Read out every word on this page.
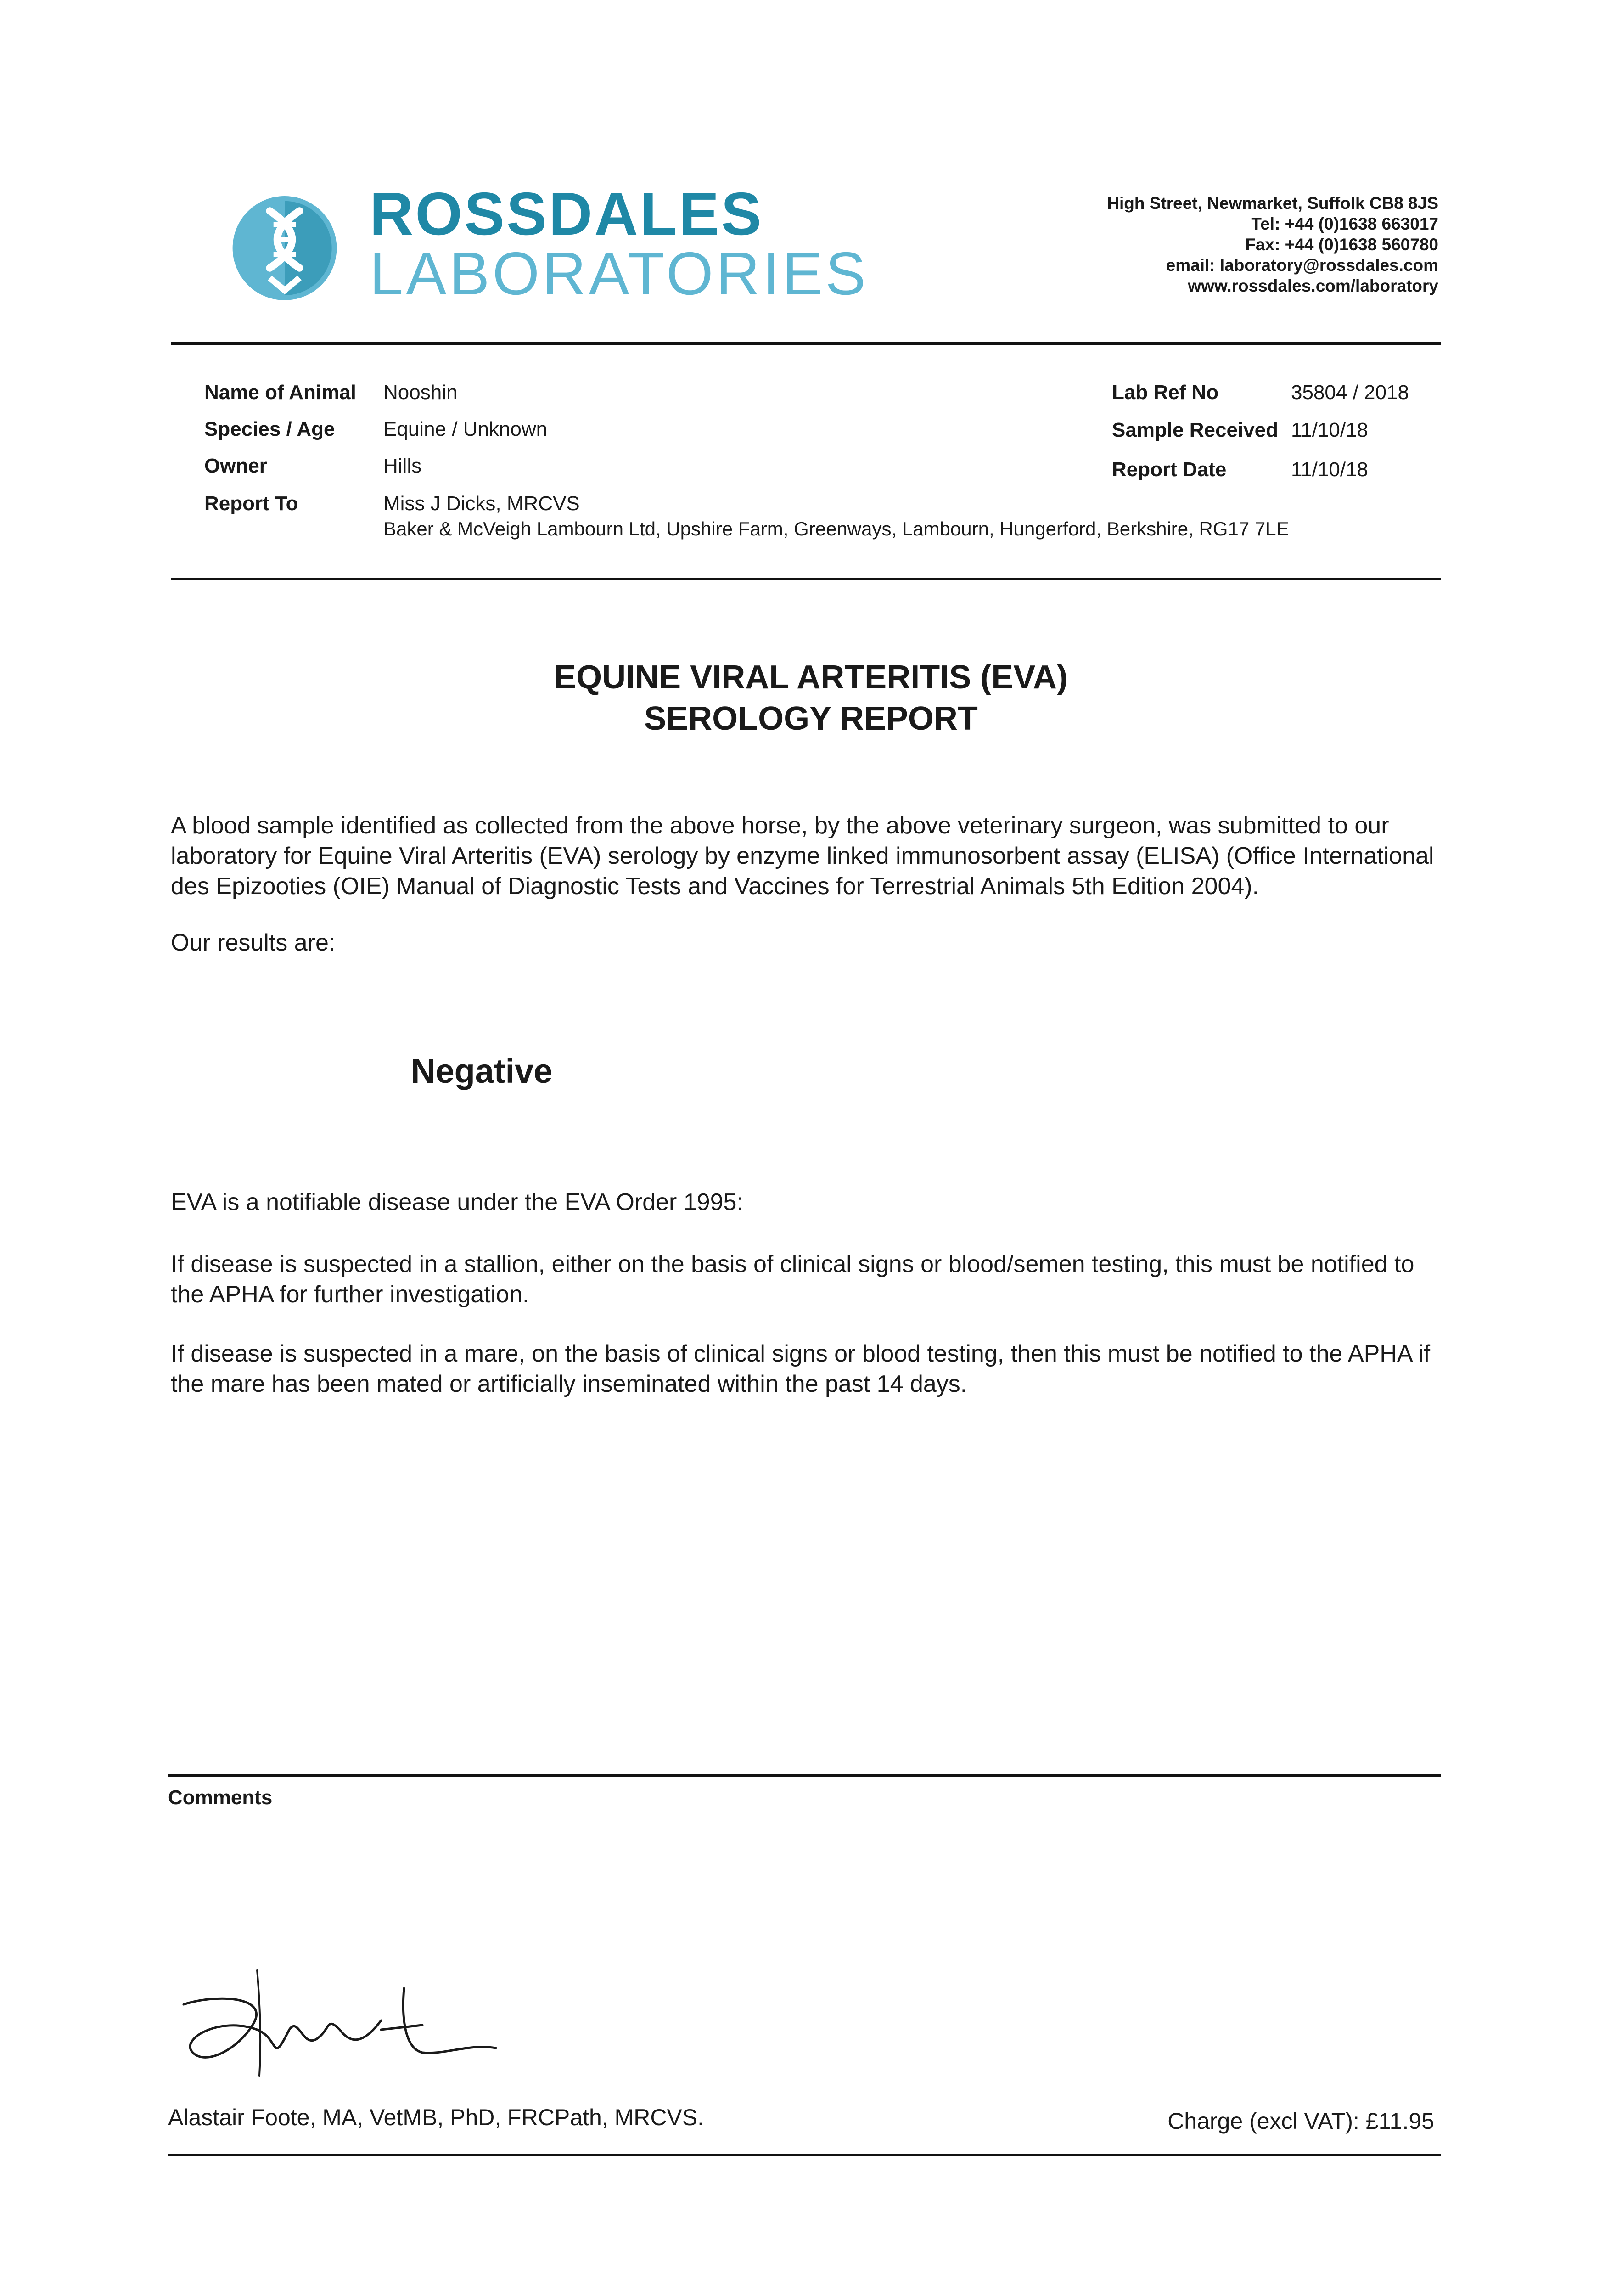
ROSSDALES
LABORATORIES
High Street, Newmarket, Suffolk CB8 8JS
Tel: +44 (0)1638 663017
Fax: +44 (0)1638 560780
email: laboratory@rossdales.com
www.rossdales.com/laboratory
Name of Animal Nooshin
Species / Age Equine / Unknown
Owner	Hills
Report To	Miss J Dicks, MRCVS
Baker & McVeigh Lambourn Ltd, Upshire Farm, Greenways, Lambourn, Hungerford, Berkshire, RG17 7LE
Lab Ref No	35804 / 2018
Sample Received 11/10/18
Report Date	11/10/18
EQUINE VIRAL ARTERITIS (EVA)
SEROLOGY REPORT
A blood sample identified as collected from the above horse, by the above veterinary surgeon, was submitted to our laboratory for Equine Viral Arteritis (EVA) serology by enzyme linked immunosorbent assay (ELISA) (Office International des Epizooties (OIE) Manual of Diagnostic Tests and Vaccines for Terrestrial Animals 5th Edition 2004).
Our results are:
Negative
EVA is a notifiable disease under the EVA Order 1995:
If disease is suspected in a stallion, either on the basis of clinical signs or blood/semen testing, this must be notified to the APHA for further investigation.
If disease is suspected in a mare, on the basis of clinical signs or blood testing, then this must be notified to the APHA if the mare has been mated or artificially inseminated within the past 14 days.
Comments
Alastair Foote, MA, VetMB, PhD, FRCPath, MRCVS.	Charge (excl VAT): £11.95
